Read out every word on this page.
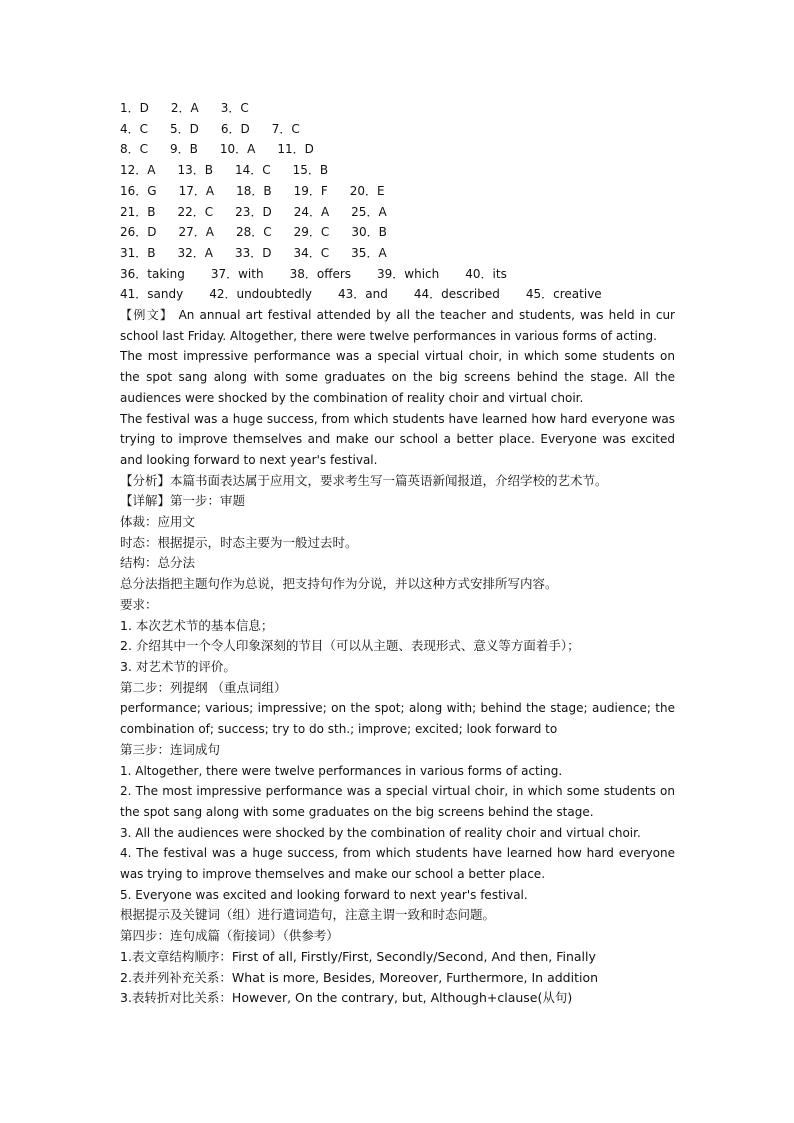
1．D 2．A 3．C
4．C 5．D 6．D 7．C
8．C 9．B 10．A 11．D
12．A 13．B 14．C 15．B
16．G 17．A 18．B 19．F 20．E
21．B 22．C 23．D 24．A 25．A
26．D 27．A 28．C 29．C 30．B
31．B 32．A 33．D 34．C 35．A
36．taking 37．with 38．offers 39．which 40．its
41．sandy 42．undoubtedly 43．and 44．described 45．creative
【例文】 An annual art festival attended by all the teacher and students, was held in cur school last Friday. Altogether, there were twelve performances in various forms of acting.
The most impressive performance was a special virtual choir, in which some students on the spot sang along with some graduates on the big screens behind the stage. All the audiences were shocked by the combination of reality choir and virtual choir.
The festival was a huge success, from which students have learned how hard everyone was trying to improve themselves and make our school a better place. Everyone was excited and looking forward to next year's festival.
【分析】本篇书面表达属于应用文，要求考生写一篇英语新闻报道，介绍学校的艺术节。
【详解】第一步：审题
体裁：应用文
时态：根据提示，时态主要为一般过去时。
结构：总分法
总分法指把主题句作为总说，把支持句作为分说，并以这种方式安排所写内容。
要求：
1. 本次艺术节的基本信息；
2. 介绍其中一个令人印象深刻的节目（可以从主题、表现形式、意义等方面着手）；
3. 对艺术节的评价。
第二步：列提纲 （重点词组）
performance; various; impressive; on the spot; along with; behind the stage; audience; the combination of; success; try to do sth.; improve; excited; look forward to
第三步：连词成句
1. Altogether, there were twelve performances in various forms of acting.
2. The most impressive performance was a special virtual choir, in which some students on the spot sang along with some graduates on the big screens behind the stage.
3. All the audiences were shocked by the combination of reality choir and virtual choir.
4. The festival was a huge success, from which students have learned how hard everyone was trying to improve themselves and make our school a better place.
5. Everyone was excited and looking forward to next year's festival.
根据提示及关键词（组）进行遣词造句，注意主谓一致和时态问题。
第四步：连句成篇（衔接词）（供参考）
1.表文章结构顺序：First of all, Firstly/First, Secondly/Second, And then, Finally
2.表并列补充关系：What is more, Besides, Moreover, Furthermore, In addition
3.表转折对比关系：However, On the contrary, but, Although+clause(从句)
